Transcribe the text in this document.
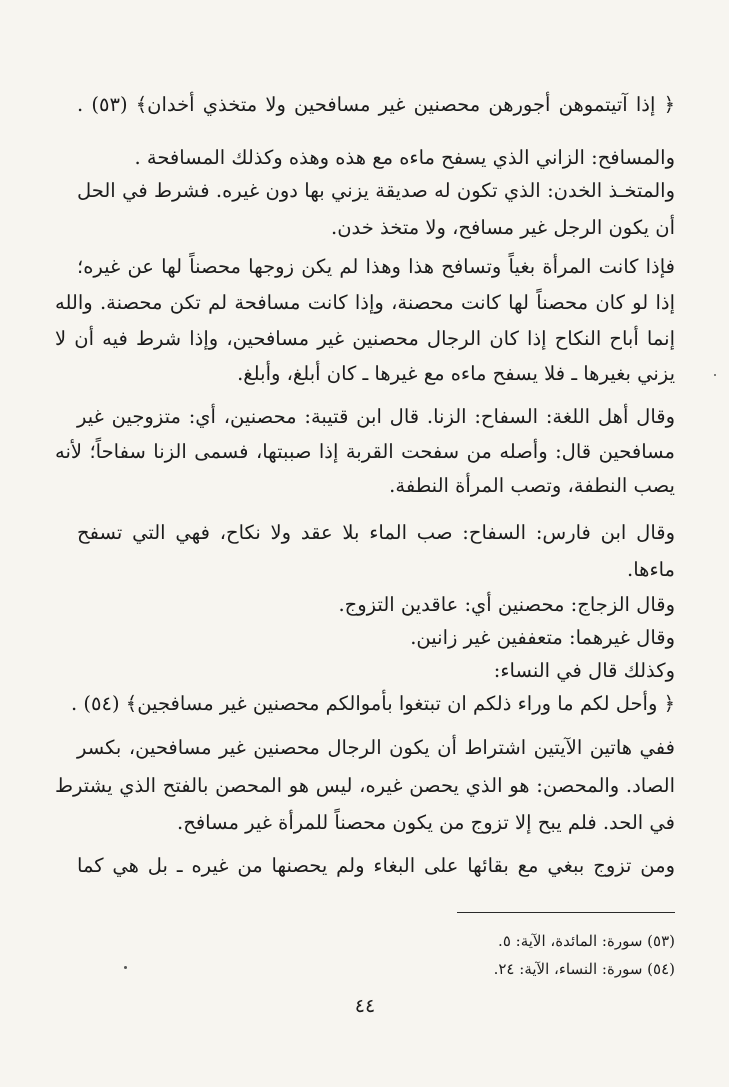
﴿ إذا آتيتموهن أجورهن محصنين غير مسافحين ولا متخذي أخدان﴾ (٥٣) .
والمسافح: الزاني الذي يسفح ماءه مع هذه وهذه وكذلك المسافحة .
والمتخـذ الخدن: الذي تكون له صديقة يزني بها دون غيره. فشرط في الحل
أن يكون الرجل غير مسافح، ولا متخذ خدن.
فإذا كانت المرأة بغياً وتسافح هذا وهذا لم يكن زوجها محصناً لها عن غيره؛
إذا لو كان محصناً لها كانت محصنة، وإذا كانت مسافحة لم تكن محصنة. والله
إنما أباح النكاح إذا كان الرجال محصنين غير مسافحين، وإذا شرط فيه أن لا
يزني بغيرها ـ فلا يسفح ماءه مع غيرها ـ كان أبلغ، وأبلغ.
وقال أهل اللغة: السفاح: الزنا. قال ابن قتيبة: محصنين، أي: متزوجين غير
مسافحين قال: وأصله من سفحت القربة إذا صببتها، فسمى الزنا سفاحاً؛ لأنه
يصب النطفة، وتصب المرأة النطفة.
وقال ابن فارس: السفاح: صب الماء بلا عقد ولا نكاح، فهي التي تسفح
ماءها.
وقال الزجاج: محصنين أي: عاقدين التزوج.
وقال غيرهما: متعففين غير زانين.
وكذلك قال في النساء:
﴿ وأحل لكم ما وراء ذلكم ان تبتغوا بأموالكم محصنين غير مسافجين﴾ (٥٤) .
ففي هاتين الآيتين اشتراط أن يكون الرجال محصنين غير مسافحين، بكسر
الصاد. والمحصن: هو الذي يحصن غيره، ليس هو المحصن بالفتح الذي يشترط
في الحد. فلم يبح إلا تزوج من يكون محصناً للمرأة غير مسافح.
ومن تزوج ببغي مع بقائها على البغاء ولم يحصنها من غيره ـ بل هي كما
(٥٣) سورة: المائدة، الآية: ٥.
(٥٤) سورة: النساء، الآية: ٢٤.
٤٤
